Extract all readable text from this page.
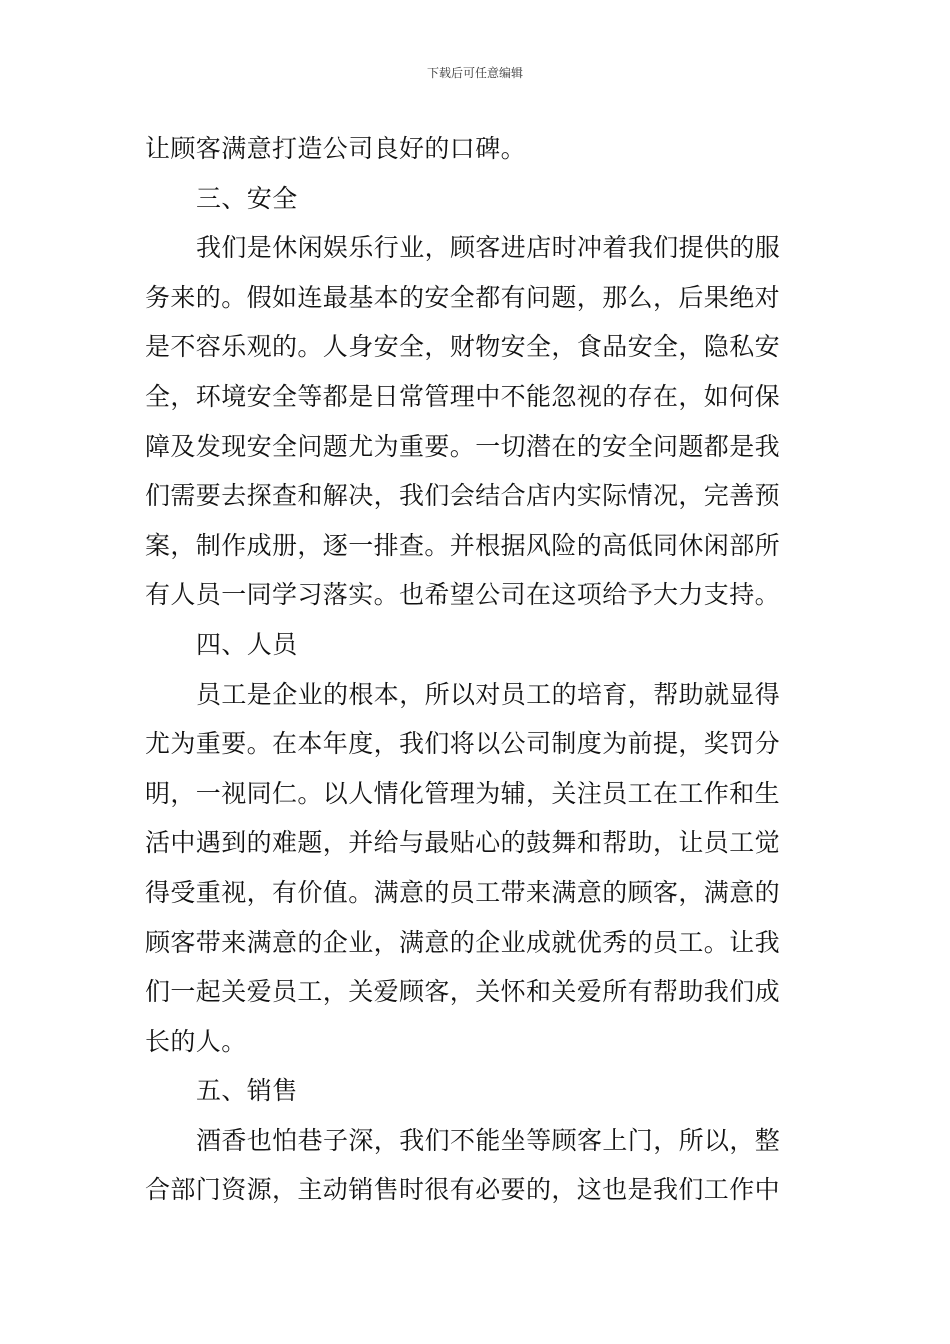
下载后可任意编辑
让顾客满意打造公司良好的口碑。
三、安全
我们是休闲娱乐行业，顾客进店时冲着我们提供的服
务来的。假如连最基本的安全都有问题，那么，后果绝对
是不容乐观的。人身安全，财物安全，食品安全，隐私安
全，环境安全等都是日常管理中不能忽视的存在，如何保
障及发现安全问题尤为重要。一切潜在的安全问题都是我
们需要去探查和解决，我们会结合店内实际情况，完善预
案，制作成册，逐一排查。并根据风险的高低同休闲部所
有人员一同学习落实。也希望公司在这项给予大力支持。
四、人员
员工是企业的根本，所以对员工的培育，帮助就显得
尤为重要。在本年度，我们将以公司制度为前提，奖罚分
明，一视同仁。以人情化管理为辅，关注员工在工作和生
活中遇到的难题，并给与最贴心的鼓舞和帮助，让员工觉
得受重视，有价值。满意的员工带来满意的顾客，满意的
顾客带来满意的企业，满意的企业成就优秀的员工。让我
们一起关爱员工，关爱顾客，关怀和关爱所有帮助我们成
长的人。
五、销售
酒香也怕巷子深，我们不能坐等顾客上门，所以，整
合部门资源，主动销售时很有必要的，这也是我们工作中
